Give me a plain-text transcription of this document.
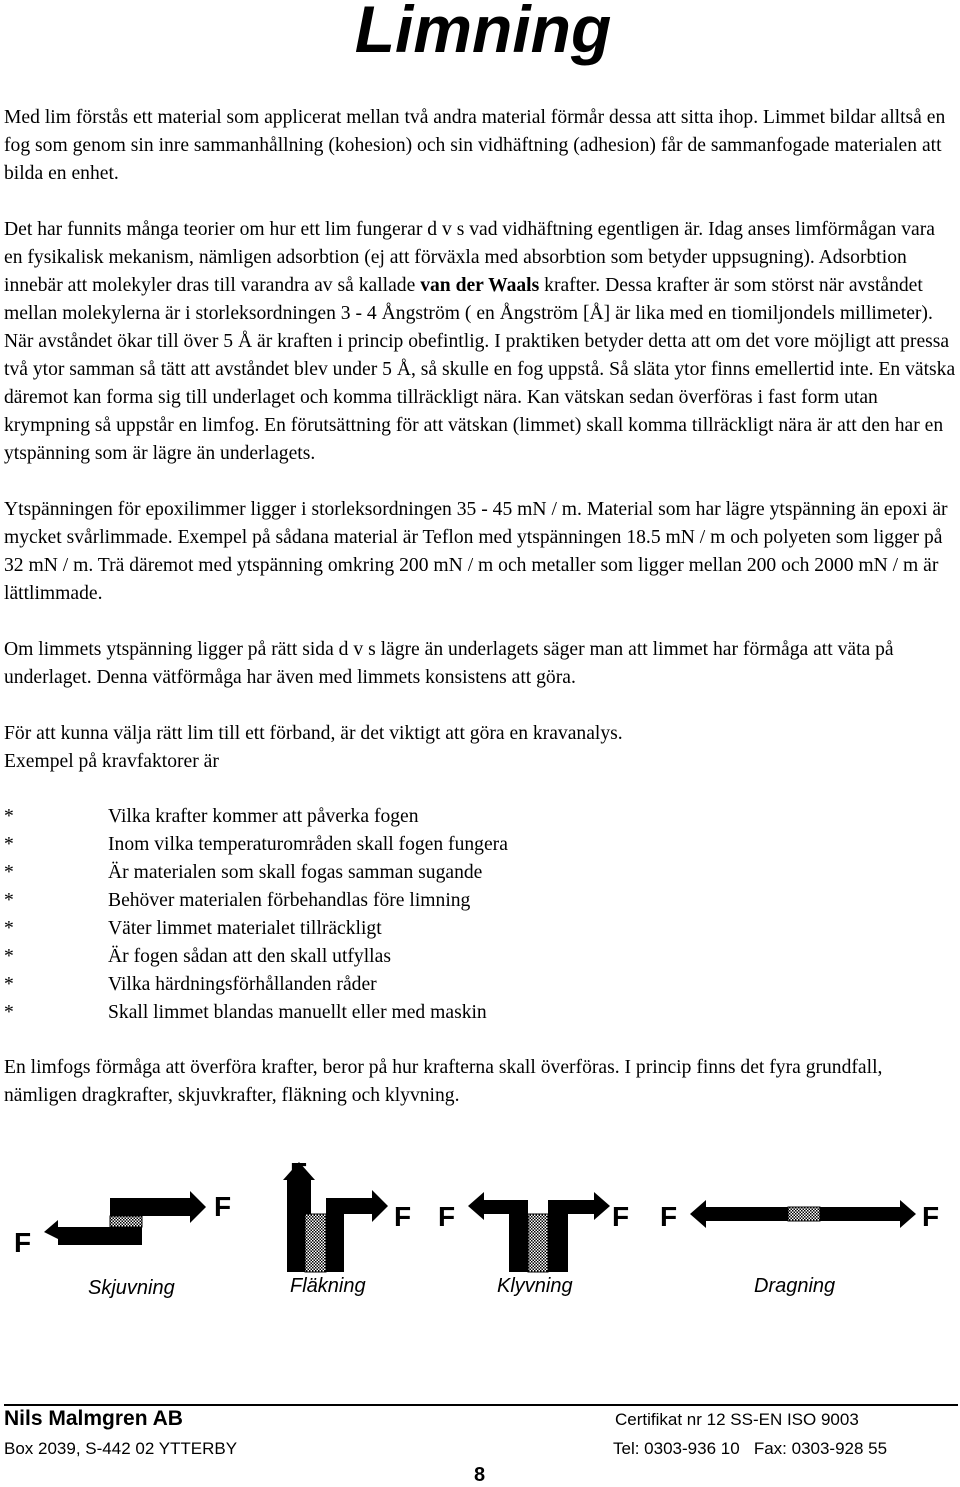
Limning

Med lim förstås ett material som applicerat mellan två andra material förmår dessa att sitta ihop. Limmet bildar alltså en fog som genom sin inre sammanhållning (kohesion) och sin vidhäftning (adhesion) får de sammanfogade materialen att bilda en enhet.

Det har funnits många teorier om hur ett lim fungerar d v s vad vidhäftning egentligen är. Idag anses limförmågan vara en fysikalisk mekanism, nämligen adsorbtion (ej att förväxla med absorbtion som betyder uppsugning). Adsorbtion innebär att molekyler dras till varandra av så kallade van der Waals krafter. Dessa krafter är som störst när avståndet mellan molekylerna är i storleksordningen 3 - 4 Ångström ( en Ångström [Å] är lika med en tiomiljondels millimeter). När avståndet ökar till över 5 Å är kraften i princip obefintlig. I praktiken betyder detta att om det vore möjligt att pressa två ytor samman så tätt att avståndet blev under 5 Å, så skulle en fog uppstå. Så släta ytor finns emellertid inte. En vätska däremot kan forma sig till underlaget och komma tillräckligt nära. Kan vätskan sedan överföras i fast form utan krympning så uppstår en limfog. En förutsättning för att vätskan (limmet) skall komma tillräckligt nära är att den har en ytspänning som är lägre än underlagets.

Ytspänningen för epoxilimmer ligger i storleksordningen 35 - 45 mN / m. Material som har lägre ytspänning än epoxi är mycket svårlimmade. Exempel på sådana material är Teflon med ytspänningen 18.5 mN / m och polyeten som ligger på 32 mN / m. Trä däremot med ytspänning omkring 200 mN / m och metaller som ligger mellan 200 och 2000 mN / m är lättlimmade.

Om limmets ytspänning ligger på rätt sida d v s lägre än underlagets säger man att limmet har förmåga att väta på underlaget. Denna vätförmåga har även med limmets konsistens att göra.

För att kunna välja rätt lim till ett förband, är det viktigt att göra en kravanalys.
Exempel på kravfaktorer är

*	Vilka krafter kommer att påverka fogen
*	Inom vilka temperaturområden skall fogen fungera
*	Är materialen som skall fogas samman sugande
*	Behöver materialen förbehandlas före limning
*	Väter limmet materialet tillräckligt
*	Är fogen sådan att den skall utfyllas
*	Vilka härdningsförhållanden råder
*	Skall limmet blandas manuellt eller med maskin

En limfogs förmåga att överföra krafter, beror på hur krafterna skall överföras. I princip finns det fyra grundfall, nämligen dragkrafter, skjuvkrafter, fläkning och klyvning.

F
F
F
F F	F F	F
Skjuvning	Fläkning	Klyvning	Dragning
Nils Malmgren AB	Certifikat nr 12 SS-EN ISO 9003
Box 2039, S-442 02 YTTERBY	Tel: 0303-936 10   Fax: 0303-928 55
8
